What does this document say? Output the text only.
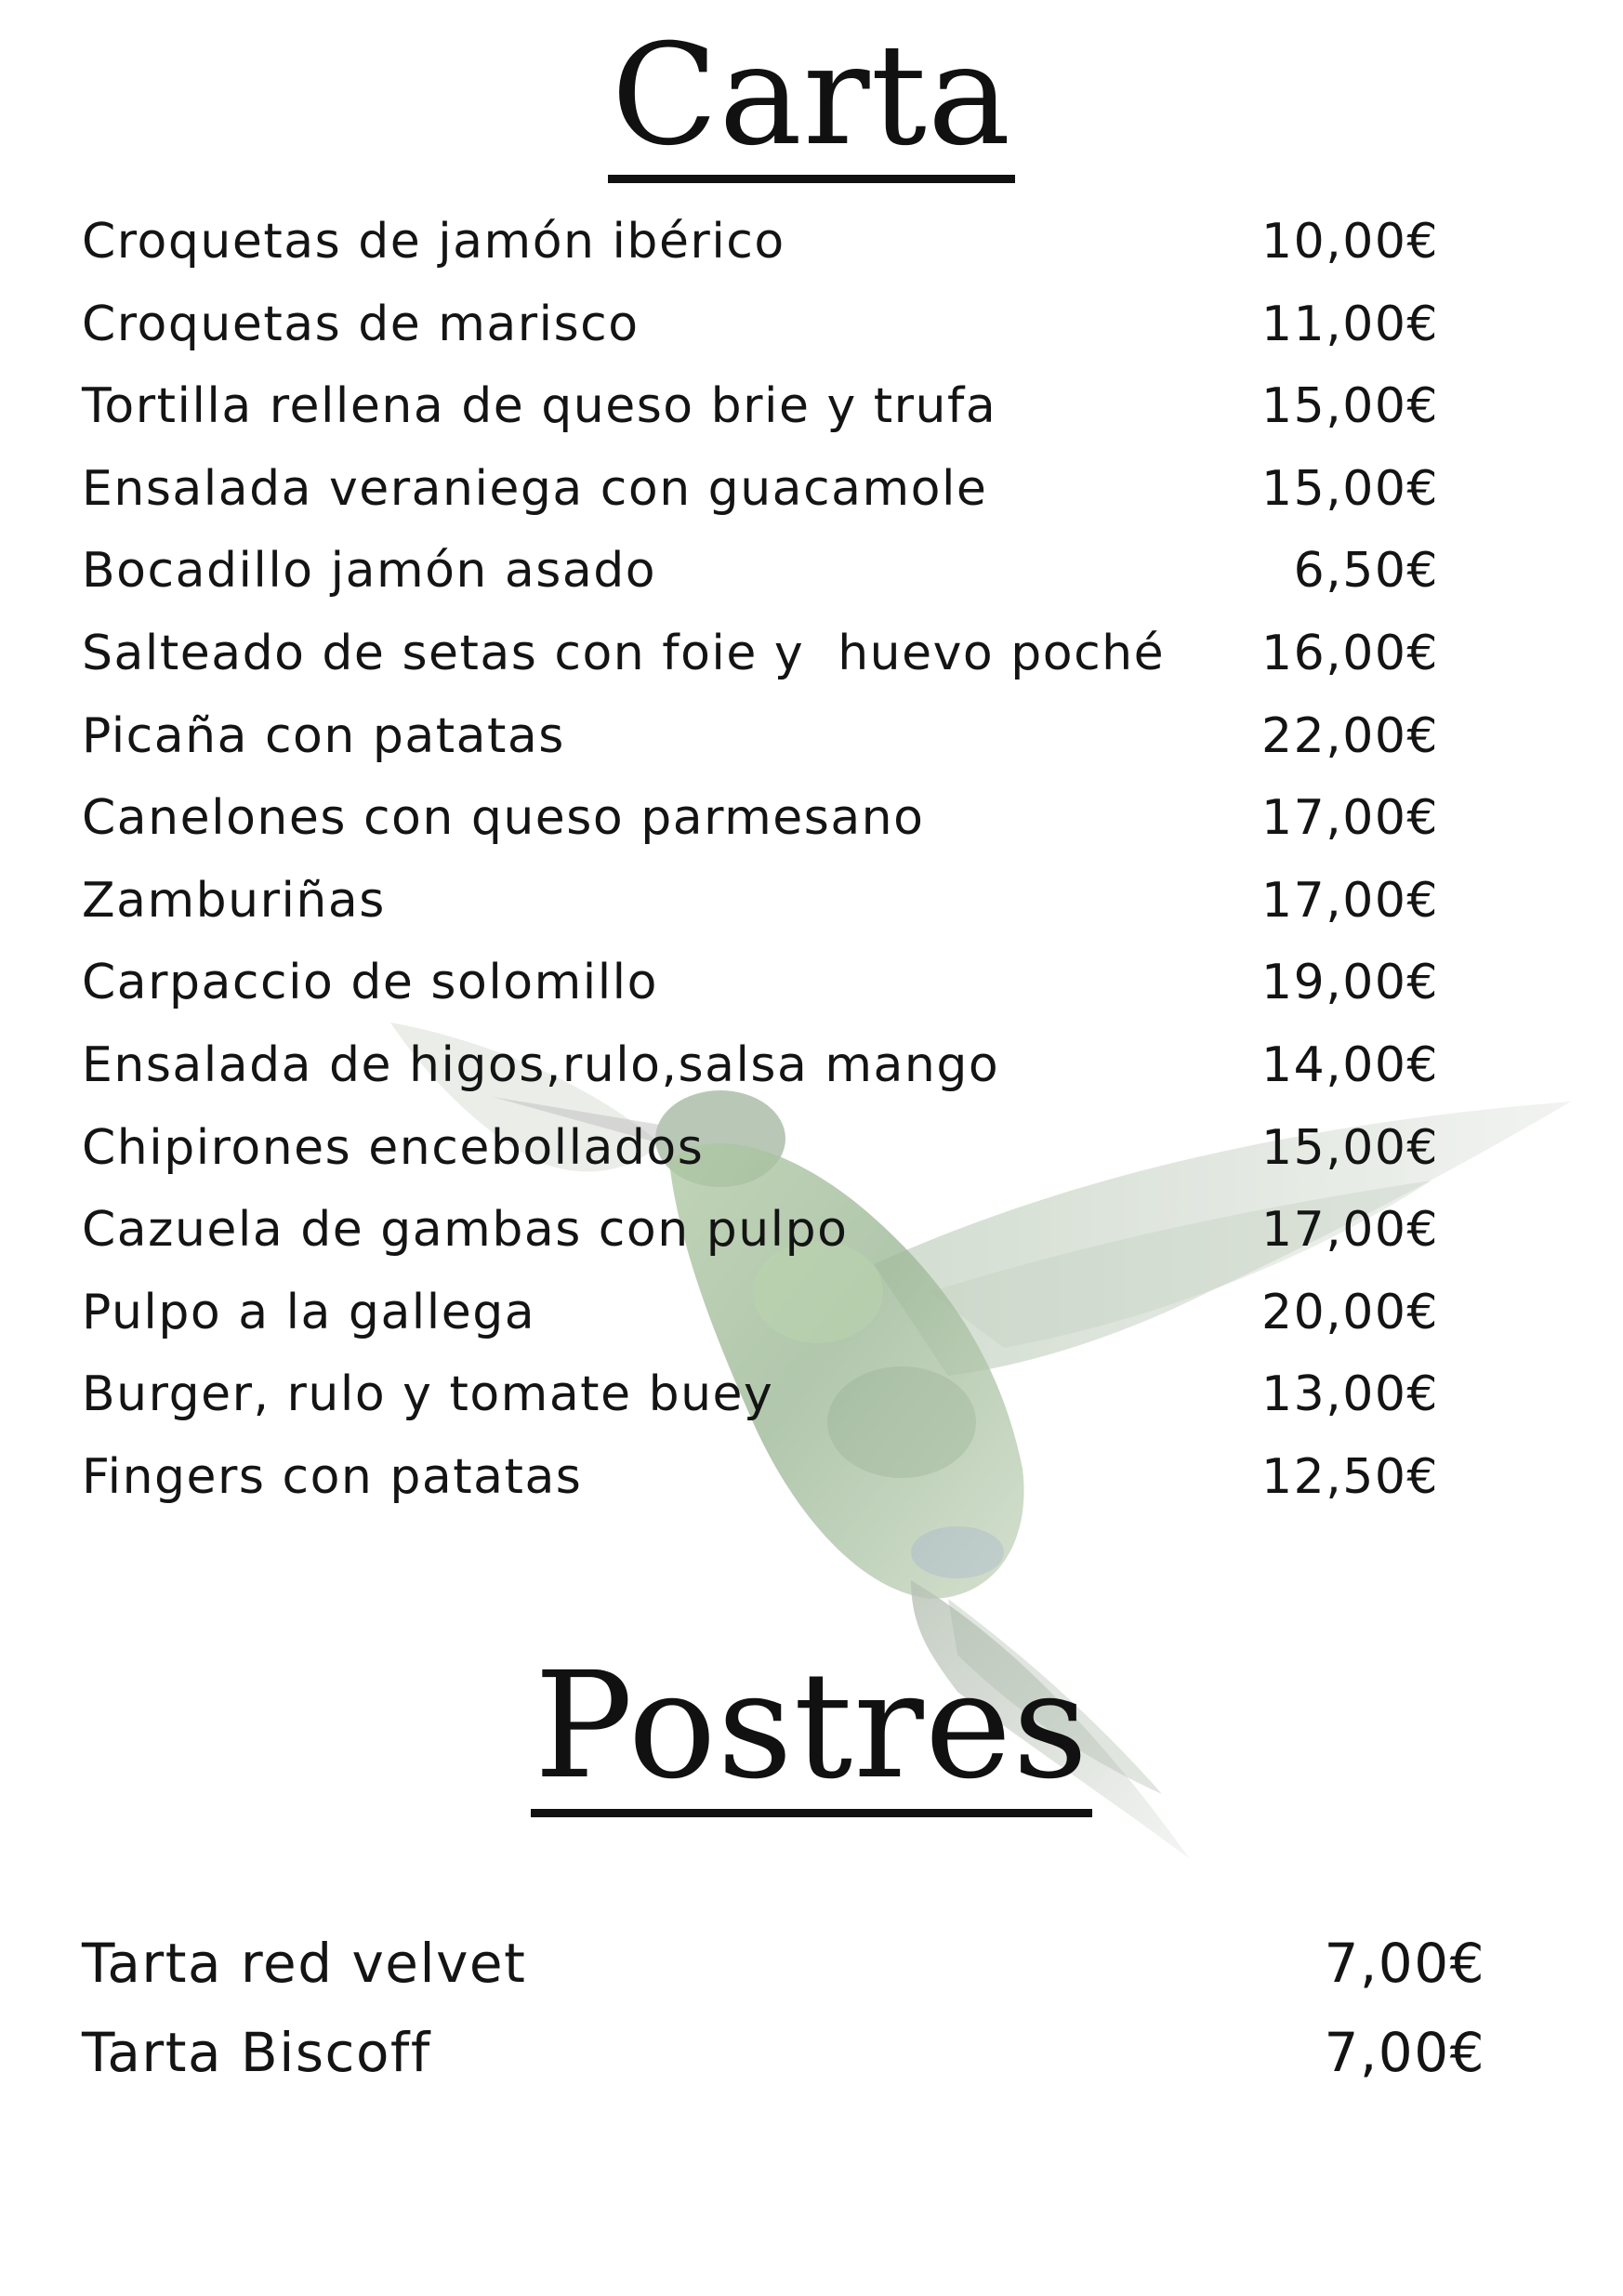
Carta
Croquetas de jamón ibérico	10,00€
Croquetas de marisco	11,00€
Tortilla rellena de queso brie y trufa	15,00€
Ensalada veraniega con guacamole	15,00€
Bocadillo jamón asado	6,50€
Salteado de setas con foie y  huevo poché 16,00€
Picaña con patatas	22,00€
Canelones con queso parmesano	17,00€
Zamburiñas	17,00€
Carpaccio de solomillo	19,00€
Ensalada de higos,rulo,salsa mango	14,00€
Chipirones encebollados	15,00€
Cazuela de gambas con pulpo	17,00€
Pulpo a la gallega	20,00€
Burger, rulo y tomate buey	13,00€
Fingers con patatas	12,50€
Postres
Tarta red velvet	7,00€
Tarta Biscoff	7,00€
